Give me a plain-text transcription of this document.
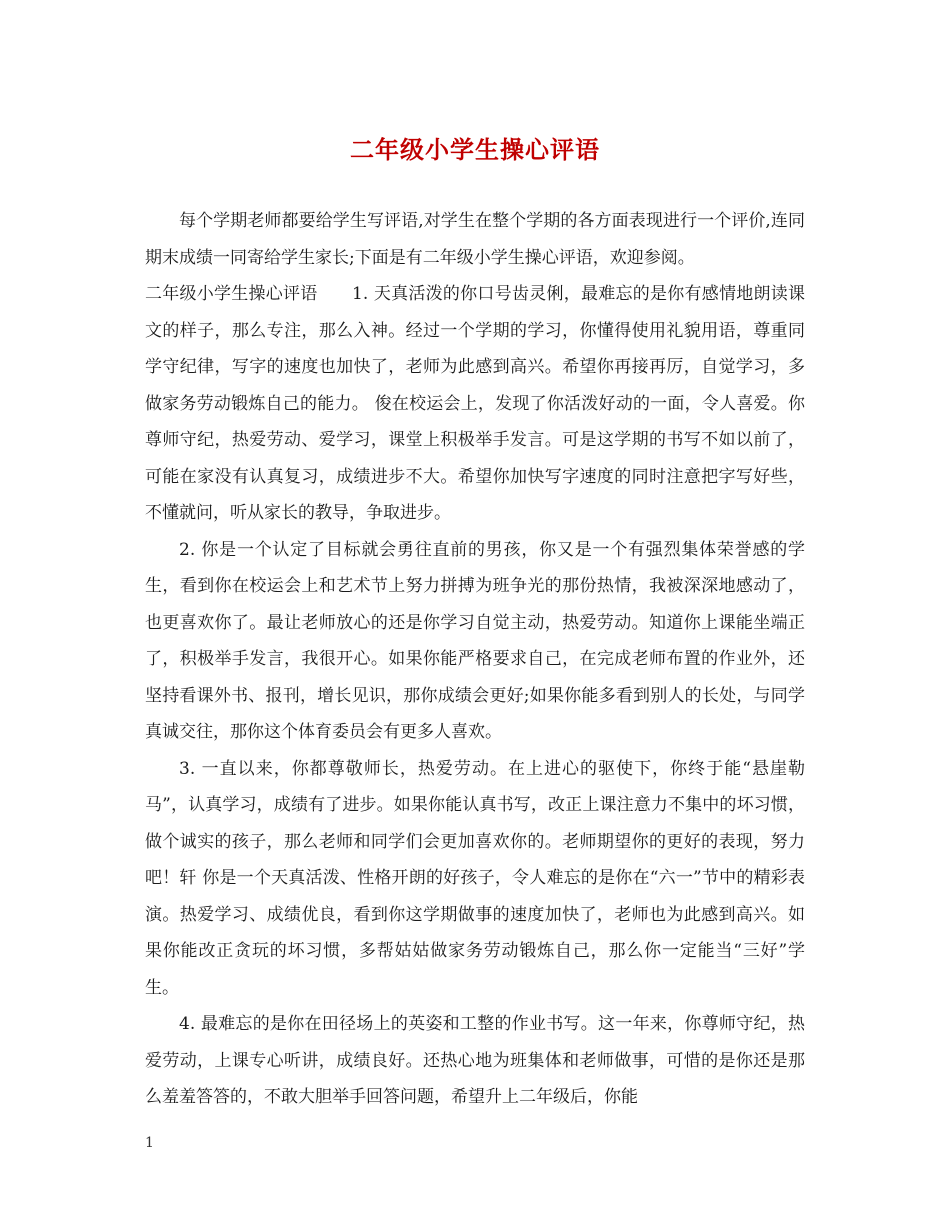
二年级小学生操心评语

每个学期老师都要给学生写评语,对学生在整个学期的各方面表现进行一个评价,连同期末成绩一同寄给学生家长;下面是有二年级小学生操心评语，欢迎参阅。

二年级小学生操心评语　　1. 天真活泼的你口号齿灵俐，最难忘的是你有感情地朗读课文的样子，那么专注，那么入神。经过一个学期的学习，你懂得使用礼貌用语，尊重同学守纪律，写字的速度也加快了，老师为此感到高兴。希望你再接再厉，自觉学习，多做家务劳动锻炼自己的能力。 俊在校运会上，发现了你活泼好动的一面，令人喜爱。你尊师守纪，热爱劳动、爱学习，课堂上积极举手发言。可是这学期的书写不如以前了，可能在家没有认真复习，成绩进步不大。希望你加快写字速度的同时注意把字写好些，不懂就问，听从家长的教导，争取进步。

2. 你是一个认定了目标就会勇往直前的男孩，你又是一个有强烈集体荣誉感的学生，看到你在校运会上和艺术节上努力拼搏为班争光的那份热情，我被深深地感动了，也更喜欢你了。最让老师放心的还是你学习自觉主动，热爱劳动。知道你上课能坐端正了，积极举手发言，我很开心。如果你能严格要求自己，在完成老师布置的作业外，还坚持看课外书、报刊，增长见识，那你成绩会更好;如果你能多看到别人的长处，与同学真诚交往，那你这个体育委员会有更多人喜欢。

3. 一直以来，你都尊敬师长，热爱劳动。在上进心的驱使下，你终于能“悬崖勒马”，认真学习，成绩有了进步。如果你能认真书写，改正上课注意力不集中的坏习惯，做个诚实的孩子，那么老师和同学们会更加喜欢你的。老师期望你的更好的表现，努力吧！轩 你是一个天真活泼、性格开朗的好孩子，令人难忘的是你在“六一”节中的精彩表演。热爱学习、成绩优良，看到你这学期做事的速度加快了，老师也为此感到高兴。如果你能改正贪玩的坏习惯，多帮姑姑做家务劳动锻炼自己，那么你一定能当“三好”学生。

4. 最难忘的是你在田径场上的英姿和工整的作业书写。这一年来，你尊师守纪，热爱劳动，上课专心听讲，成绩良好。还热心地为班集体和老师做事，可惜的是你还是那么羞羞答答的，不敢大胆举手回答问题，希望升上二年级后，你能

1
